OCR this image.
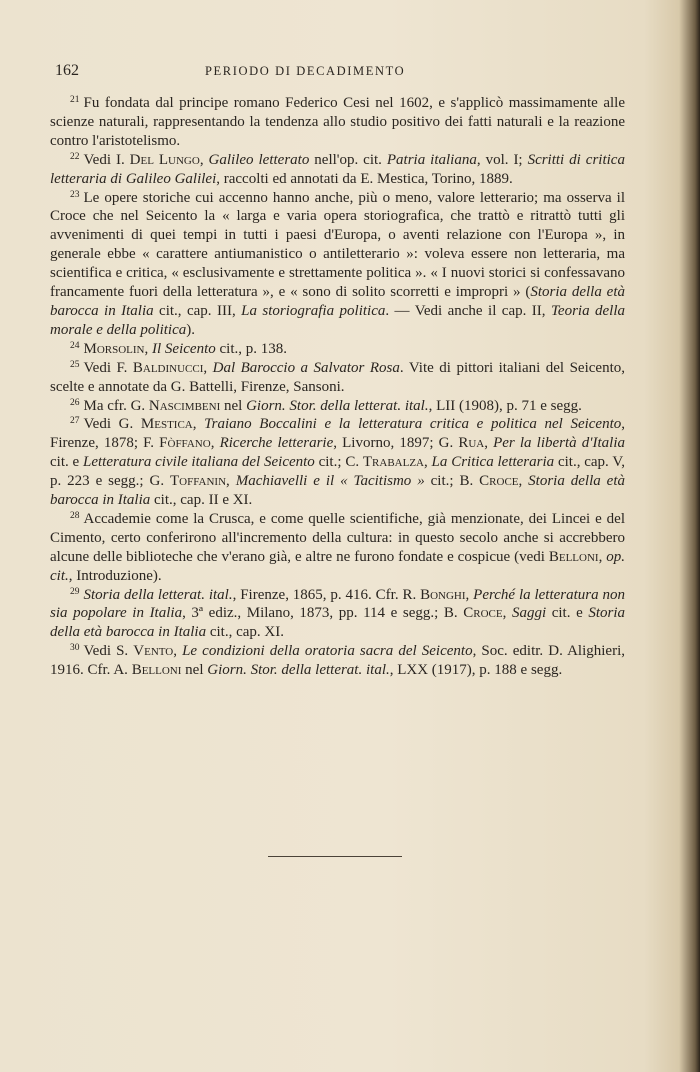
162	PERIODO DI DECADIMENTO

$^{21}$ Fu fondata dal principe romano Federico Cesi nel 1602, e s'applicò massimamente alle scienze naturali, rappresentando la tendenza allo studio positivo dei fatti naturali e la reazione contro l'aristotelismo.

$^{22}$ Vedi I. Del Lungo, Galileo letterato nell'op. cit. Patria italiana, vol. I; Scritti di critica letteraria di Galileo Galilei, raccolti ed annotati da E. Mestica, Torino, 1889.

$^{23}$ Le opere storiche cui accenno hanno anche, più o meno, valore letterario; ma osserva il Croce che nel Seicento la « larga e varia opera storiografica, che trattò e ritrattò tutti gli avvenimenti di quei tempi in tutti i paesi d'Europa, o aventi relazione con l'Europa », in generale ebbe « carattere antiumanistico o antiletterario »: voleva essere non letteraria, ma scientifica e critica, « esclusivamente e strettamente politica ». « I nuovi storici si confessavano francamente fuori della letteratura », e « sono di solito scorretti e impropri » (Storia della età barocca in Italia cit., cap. III, La storiografia politica. — Vedi anche il cap. II, Teoria della morale e della politica).

$^{24}$ Morsolin, Il Seicento cit., p. 138.

$^{25}$ Vedi F. Baldinucci, Dal Baroccio a Salvator Rosa. Vite di pittori italiani del Seicento, scelte e annotate da G. Battelli, Firenze, Sansoni.

$^{26}$ Ma cfr. G. Nascimbeni nel Giorn. Stor. della letterat. ital., LII (1908), p. 71 e segg.

$^{27}$ Vedi G. Mestica, Traiano Boccalini e la letteratura critica e politica nel Seicento, Firenze, 1878; F. Fòffano, Ricerche letterarie, Livorno, 1897; G. Rua, Per la libertà d'Italia cit. e Letteratura civile italiana del Seicento cit.; C. Trabalza, La Critica letteraria cit., cap. V, p. 223 e segg.; G. Toffanin, Machiavelli e il « Tacitismo » cit.; B. Croce, Storia della età barocca in Italia cit., cap. II e XI.

$^{28}$ Accademie come la Crusca, e come quelle scientifiche, già menzionate, dei Lincei e del Cimento, certo conferirono all'incremento della cultura: in questo secolo anche si accrebbero alcune delle biblioteche che v'erano già, e altre ne furono fondate e cospicue (vedi Belloni, op. cit., Introduzione).

$^{29}$ Storia della letterat. ital., Firenze, 1865, p. 416. Cfr. R. Bonghi, Perché la letteratura non sia popolare in Italia, 3ª ediz., Milano, 1873, pp. 114 e segg.; B. Croce, Saggi cit. e Storia della età barocca in Italia cit., cap. XI.

$^{30}$ Vedi S. Vento, Le condizioni della oratoria sacra del Seicento, Soc. editr. D. Alighieri, 1916. Cfr. A. Belloni nel Giorn. Stor. della letterat. ital., LXX (1917), p. 188 e segg.
